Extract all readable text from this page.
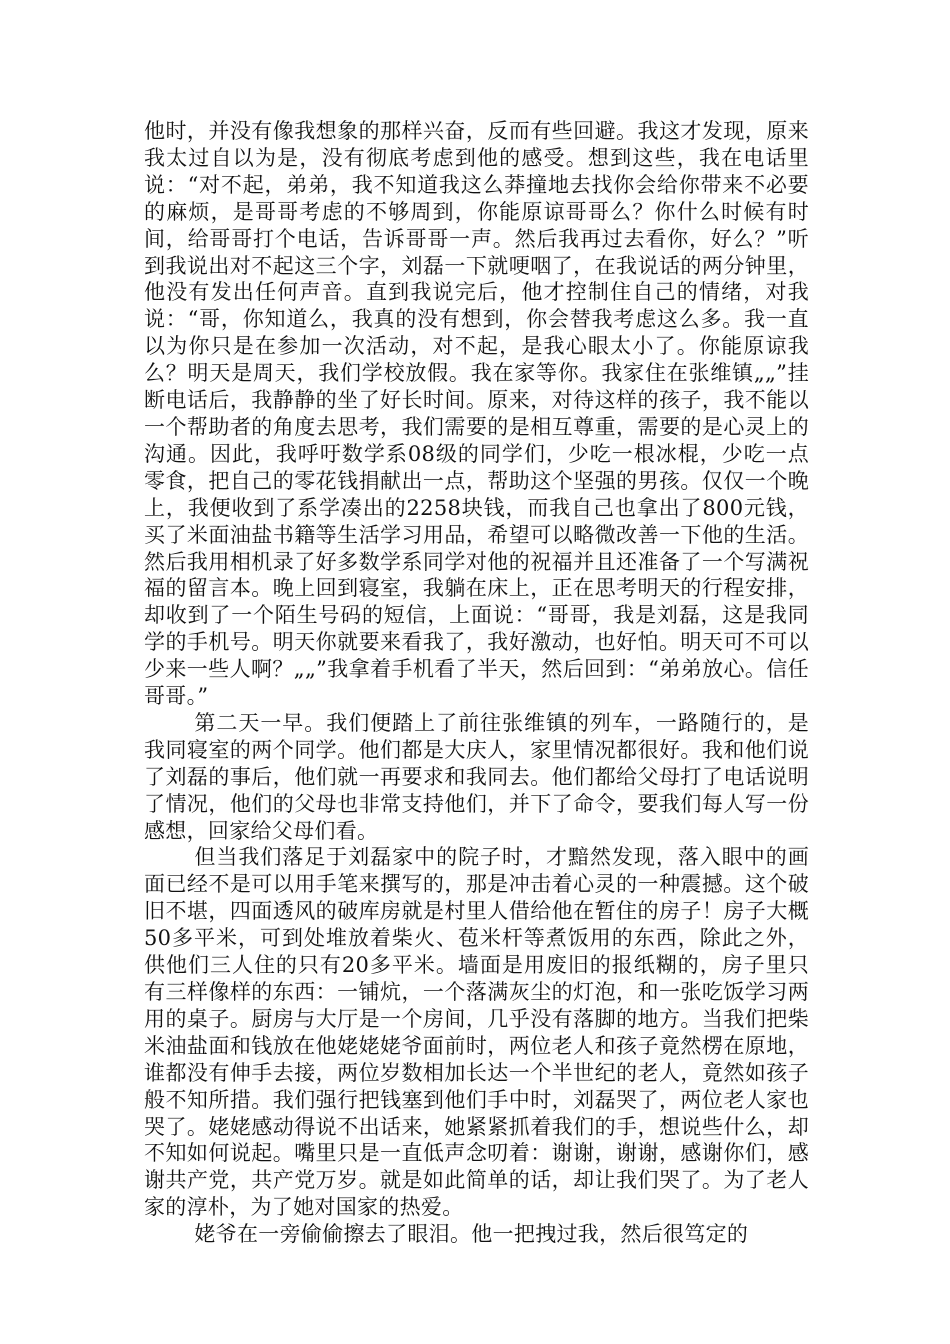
他时，并没有像我想象的那样兴奋，反而有些回避。我这才发现，原来我太过自以为是，没有彻底考虑到他的感受。想到这些，我在电话里说：“对不起，弟弟，我不知道我这么莽撞地去找你会给你带来不必要的麻烦，是哥哥考虑的不够周到，你能原谅哥哥么？你什么时候有时间，给哥哥打个电话，告诉哥哥一声。然后我再过去看你，好么？”听到我说出对不起这三个字，刘磊一下就哽咽了，在我说话的两分钟里，他没有发出任何声音。直到我说完后，他才控制住自己的情绪，对我说：“哥，你知道么，我真的没有想到，你会替我考虑这么多。我一直以为你只是在参加一次活动，对不起，是我心眼太小了。你能原谅我么？明天是周天，我们学校放假。我在家等你。我家住在张维镇„„”挂断电话后，我静静的坐了好长时间。原来，对待这样的孩子，我不能以一个帮助者的角度去思考，我们需要的是相互尊重，需要的是心灵上的沟通。因此，我呼吁数学系08级的同学们，少吃一根冰棍，少吃一点零食，把自己的零花钱捐献出一点，帮助这个坚强的男孩。仅仅一个晚上，我便收到了系学凑出的2258块钱，而我自己也拿出了800元钱，买了米面油盐书籍等生活学习用品，希望可以略微改善一下他的生活。然后我用相机录了好多数学系同学对他的祝福并且还准备了一个写满祝福的留言本。晚上回到寝室，我躺在床上，正在思考明天的行程安排，却收到了一个陌生号码的短信，上面说：“哥哥，我是刘磊，这是我同学的手机号。明天你就要来看我了，我好激动，也好怕。明天可不可以少来一些人啊？„„”我拿着手机看了半天，然后回到：“弟弟放心。信任哥哥。”

第二天一早。我们便踏上了前往张维镇的列车，一路随行的，是我同寝室的两个同学。他们都是大庆人，家里情况都很好。我和他们说了刘磊的事后，他们就一再要求和我同去。他们都给父母打了电话说明了情况，他们的父母也非常支持他们，并下了命令，要我们每人写一份感想，回家给父母们看。

但当我们落足于刘磊家中的院子时，才黯然发现，落入眼中的画面已经不是可以用手笔来撰写的，那是冲击着心灵的一种震撼。这个破旧不堪，四面透风的破库房就是村里人借给他在暂住的房子！房子大概50多平米，可到处堆放着柴火、苞米杆等煮饭用的东西，除此之外，供他们三人住的只有20多平米。墙面是用废旧的报纸糊的，房子里只有三样像样的东西：一铺炕，一个落满灰尘的灯泡，和一张吃饭学习两用的桌子。厨房与大厅是一个房间，几乎没有落脚的地方。当我们把柴米油盐面和钱放在他姥姥姥爷面前时，两位老人和孩子竟然楞在原地，谁都没有伸手去接，两位岁数相加长达一个半世纪的老人，竟然如孩子般不知所措。我们强行把钱塞到他们手中时，刘磊哭了，两位老人家也哭了。姥姥感动得说不出话来，她紧紧抓着我们的手，想说些什么，却不知如何说起。嘴里只是一直低声念叨着：谢谢，谢谢，感谢你们，感谢共产党，共产党万岁。就是如此简单的话，却让我们哭了。为了老人家的淳朴，为了她对国家的热爱。

姥爷在一旁偷偷擦去了眼泪。他一把拽过我，然后很笃定的
